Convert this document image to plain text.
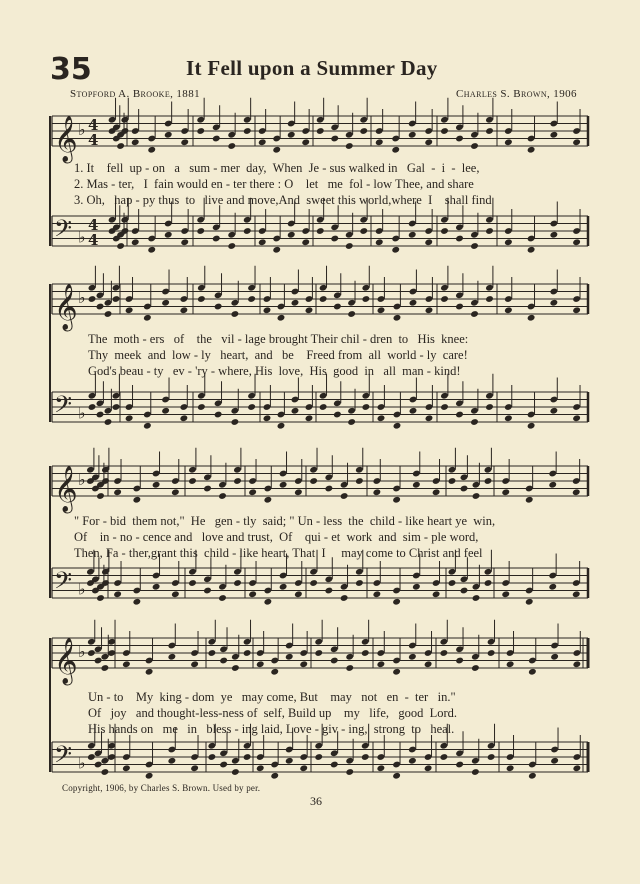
35	It Fell upon a Summer Day
Stopford A. Brooke, 1881	Charles S. Brown, 1906
𝄞 ♭ 4
4
𝄢 ♭
4
4
𝄞 ♭
𝄢 ♭
𝄞 ♭
𝄢 ♭
𝄞 ♭
𝄢 ♭
1. It    fell  up - on   a   sum - mer  day,  When  Je - sus walked in   Gal  -  i  -  lee,
2. Mas - ter,   I  fain would en - ter there : O    let   me  fol - low Thee, and share
3. Oh,   hap - py thus  to   live and move,And  sweet this world,where  I    shall find
The  moth - ers   of    the   vil - lage brought Their chil - dren  to   His  knee:
Thy  meek  and  low - ly   heart,  and   be    Freed from  all  world - ly  care!
God's beau - ty   ev - 'ry - where, His  love,  His  good  in   all  man - kind!
" For - bid  them not,"  He   gen - tly  said; " Un - less  the  child - like heart ye  win,
Of    in - no - cence and   love and trust,  Of    qui - et  work  and  sim - ple word,
Then, Fa - ther,grant this  child - like heart, That  I     may come to Christ and feel
Un - to    My  king - dom  ye   may come, But    may   not   en  -  ter   in."
Of   joy   and thought-less-ness of  self, Build up    my   life,   good  Lord.
His hands on   me   in   bless - ing laid, Love - giv - ing,  strong  to   heal.
Copyright, 1906, by Charles S. Brown. Used by per.
36
